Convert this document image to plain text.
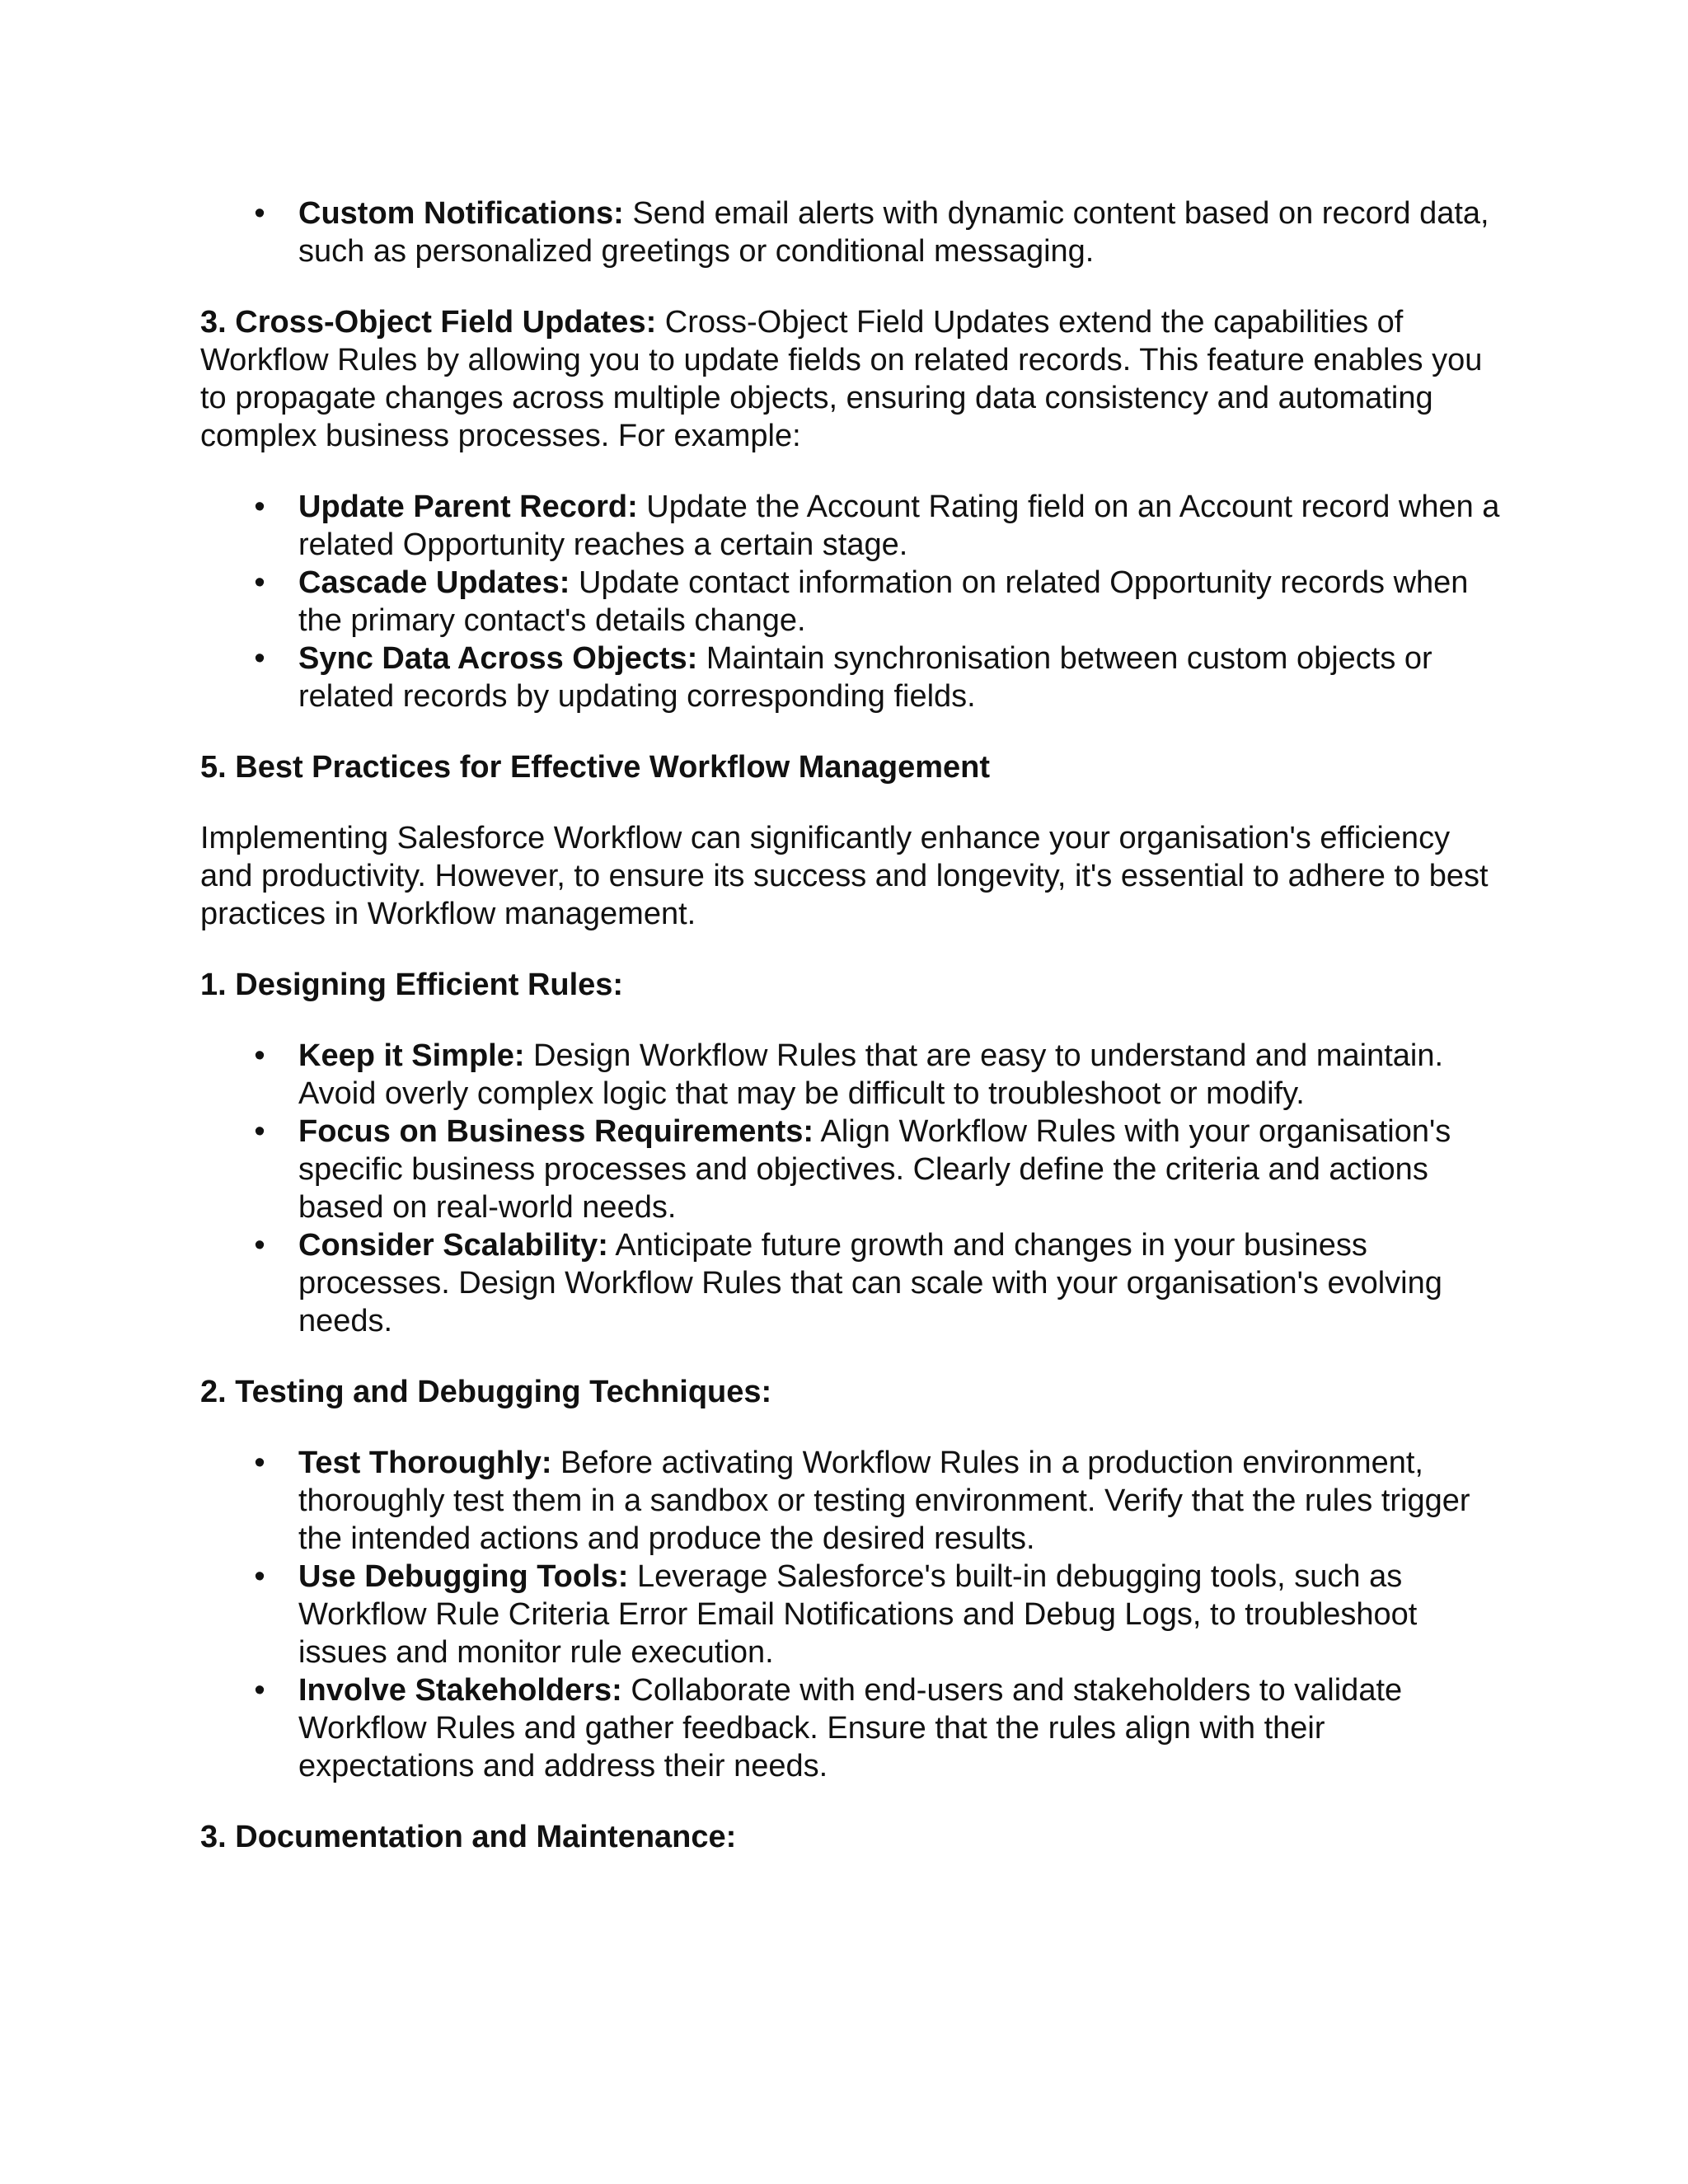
• Custom Notifications: Send email alerts with dynamic content based on record data, such as personalized greetings or conditional messaging.

3. Cross-Object Field Updates: Cross-Object Field Updates extend the capabilities of Workflow Rules by allowing you to update fields on related records. This feature enables you to propagate changes across multiple objects, ensuring data consistency and automating complex business processes. For example:

• Update Parent Record: Update the Account Rating field on an Account record when a related Opportunity reaches a certain stage.
• Cascade Updates: Update contact information on related Opportunity records when the primary contact's details change.
• Sync Data Across Objects: Maintain synchronisation between custom objects or related records by updating corresponding fields.

5. Best Practices for Effective Workflow Management

Implementing Salesforce Workflow can significantly enhance your organisation's efficiency and productivity. However, to ensure its success and longevity, it's essential to adhere to best practices in Workflow management.

1. Designing Efficient Rules:

• Keep it Simple: Design Workflow Rules that are easy to understand and maintain. Avoid overly complex logic that may be difficult to troubleshoot or modify.
• Focus on Business Requirements: Align Workflow Rules with your organisation's specific business processes and objectives. Clearly define the criteria and actions based on real-world needs.
• Consider Scalability: Anticipate future growth and changes in your business processes. Design Workflow Rules that can scale with your organisation's evolving needs.

2. Testing and Debugging Techniques:

• Test Thoroughly: Before activating Workflow Rules in a production environment, thoroughly test them in a sandbox or testing environment. Verify that the rules trigger the intended actions and produce the desired results.
• Use Debugging Tools: Leverage Salesforce's built-in debugging tools, such as Workflow Rule Criteria Error Email Notifications and Debug Logs, to troubleshoot issues and monitor rule execution.
• Involve Stakeholders: Collaborate with end-users and stakeholders to validate Workflow Rules and gather feedback. Ensure that the rules align with their expectations and address their needs.

3. Documentation and Maintenance:
